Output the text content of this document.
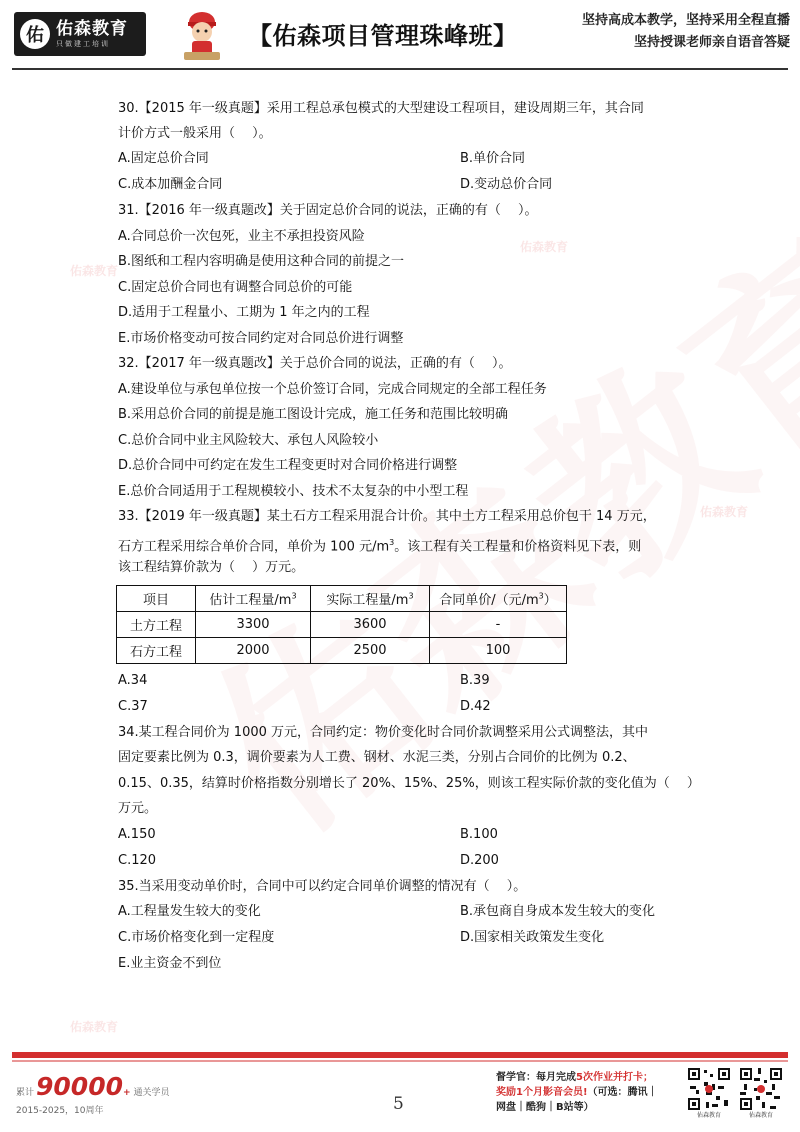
佑 佑森教育
只做建工培训	【佑森项目管理珠峰班】
坚持高成本教学，坚持采用全程直播
坚持授课老师亲自语音答疑
佑森教育
佑森教育
佑森教育
佑森教育
30.【2015 年一级真题】采用工程总承包模式的大型建设工程项目，建设周期三年，其合同
计价方式一般采用（　 ）。
A.固定总价合同	B.单价合同
C.成本加酬金合同	D.变动总价合同
31.【2016 年一级真题改】关于固定总价合同的说法，正确的有（　 ）。
A.合同总价一次包死，业主不承担投资风险
B.图纸和工程内容明确是使用这种合同的前提之一
C.固定总价合同也有调整合同总价的可能
D.适用于工程量小、工期为 1 年之内的工程
E.市场价格变动可按合同约定对合同总价进行调整
32.【2017 年一级真题改】关于总价合同的说法，正确的有（　 ）。
A.建设单位与承包单位按一个总价签订合同，完成合同规定的全部工程任务
B.采用总价合同的前提是施工图设计完成，施工任务和范围比较明确
C.总价合同中业主风险较大、承包人风险较小
D.总价合同中可约定在发生工程变更时对合同价格进行调整
E.总价合同适用于工程规模较小、技术不太复杂的中小型工程
33.【2019 年一级真题】某土石方工程采用混合计价。其中土方工程采用总价包干 14 万元，
石方工程采用综合单价合同，单价为 100 元$/m^3$。该工程有关工程量和价格资料见下表，则
该工程结算价款为（　 ）万元。
项目	估计工程量$/m^3$	实际工程量$/m^3$	合同单价/（元$/m^3$）
土方工程	3300	3600	-
石方工程	2000	2500	100
A.34	B.39
C.37	D.42
34.某工程合同价为 1000 万元，合同约定：物价变化时合同价款调整采用公式调整法，其中
固定要素比例为 0.3，调价要素为人工费、钢材、水泥三类，分别占合同价的比例为 0.2、
0.15、0.35，结算时价格指数分别增长了 20%、15%、25%，则该工程实际价款的变化值为（　 ）
万元。
A.150	B.100
C.120	D.200
35.当采用变动单价时，合同中可以约定合同单价调整的情况有（　 ）。
A.工程量发生较大的变化	B.承包商自身成本发生较大的变化
C.市场价格变化到一定程度	D.国家相关政策发生变化
E.业主资金不到位
累计 90000 + 通关学员
2015-2025，10周年	5
督学官：每月完成5次作业并打卡；
奖励1个月影音会员!（可选：腾讯｜
网盘｜酷狗｜B站等）
佑森教育	佑森教育
